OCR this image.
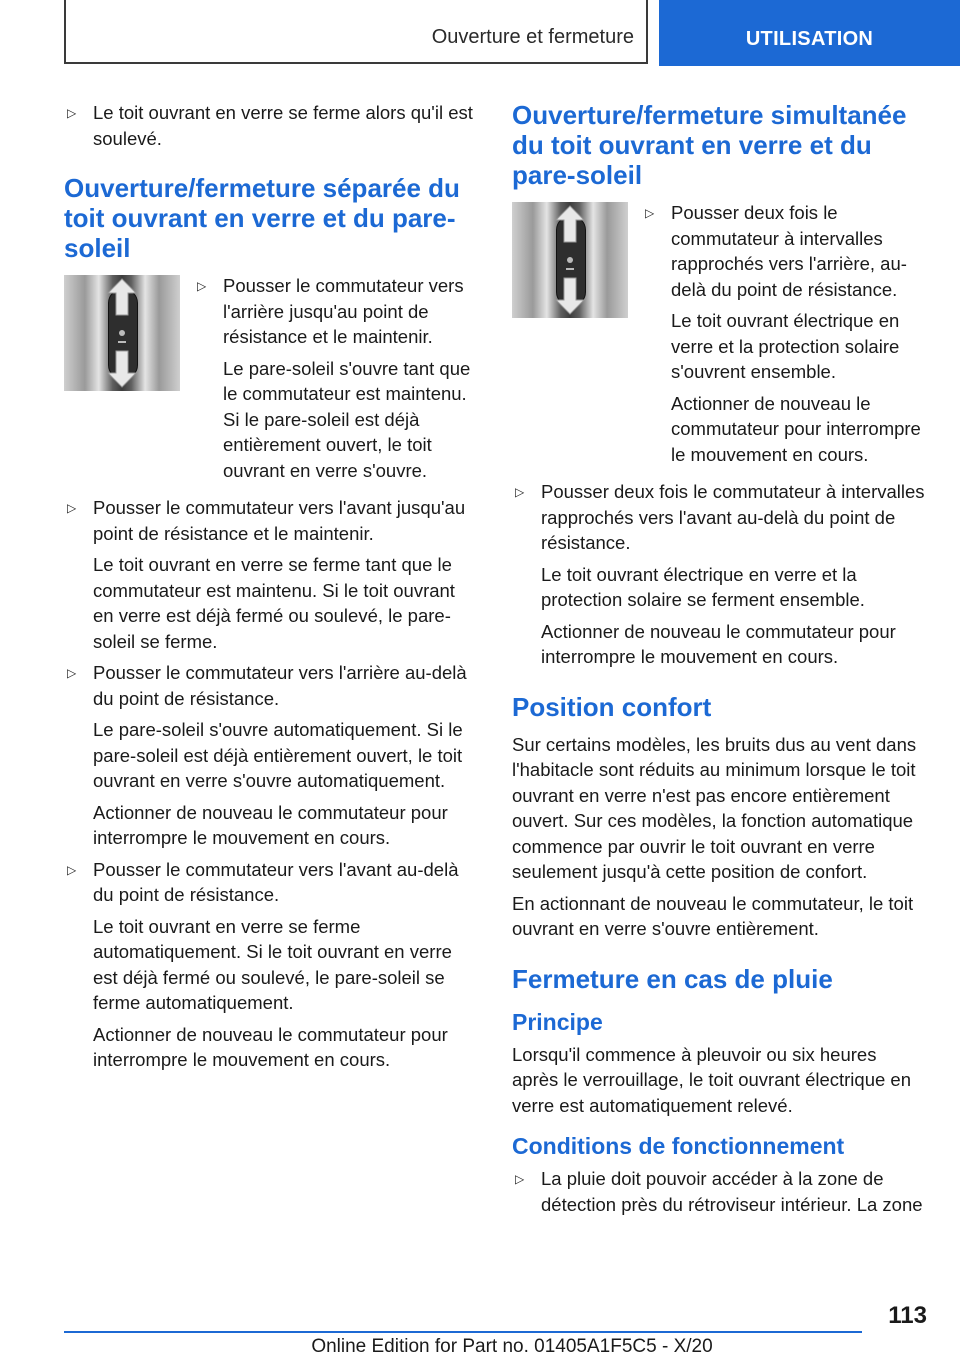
Ouverture et fermeture	UTILISATION
▷ Le toit ouvrant en verre se ferme alors qu'il est soulevé.

Ouverture/fermeture séparée du toit ouvrant en verre et du pare-soleil
▷ Pousser le commutateur vers l'arrière jusqu'au point de résistance et le maintenir.

Le pare-soleil s'ouvre tant que le commutateur est maintenu. Si le pare-soleil est déjà entièrement ouvert, le toit ouvrant en verre s'ouvre.

▷ Pousser le commutateur vers l'avant jusqu'au point de résistance et le maintenir.

Le toit ouvrant en verre se ferme tant que le commutateur est maintenu. Si le toit ouvrant en verre est déjà fermé ou soulevé, le pare-soleil se ferme.

▷ Pousser le commutateur vers l'arrière au-delà du point de résistance.

Le pare-soleil s'ouvre automatiquement. Si le pare-soleil est déjà entièrement ouvert, le toit ouvrant en verre s'ouvre automatiquement.

Actionner de nouveau le commutateur pour interrompre le mouvement en cours.

▷ Pousser le commutateur vers l'avant au-delà du point de résistance.

Le toit ouvrant en verre se ferme automatiquement. Si le toit ouvrant en verre est déjà fermé ou soulevé, le pare-soleil se ferme automatiquement.

Actionner de nouveau le commutateur pour interrompre le mouvement en cours.

Ouverture/fermeture simultanée du toit ouvrant en verre et du pare-soleil
▷ Pousser deux fois le commutateur à intervalles rapprochés vers l'arrière, au-delà du point de résistance.

Le toit ouvrant électrique en verre et la protection solaire s'ouvrent ensemble.

Actionner de nouveau le commutateur pour interrompre le mouvement en cours.

▷ Pousser deux fois le commutateur à intervalles rapprochés vers l'avant au-delà du point de résistance.

Le toit ouvrant électrique en verre et la protection solaire se ferment ensemble.

Actionner de nouveau le commutateur pour interrompre le mouvement en cours.

Position confort

Sur certains modèles, les bruits dus au vent dans l'habitacle sont réduits au minimum lorsque le toit ouvrant en verre n'est pas encore entièrement ouvert. Sur ces modèles, la fonction automatique commence par ouvrir le toit ouvrant en verre seulement jusqu'à cette position de confort.

En actionnant de nouveau le commutateur, le toit ouvrant en verre s'ouvre entièrement.

Fermeture en cas de pluie
Principe

Lorsqu'il commence à pleuvoir ou six heures après le verrouillage, le toit ouvrant électrique en verre est automatiquement relevé.

Conditions de fonctionnement
▷ La pluie doit pouvoir accéder à la zone de détection près du rétroviseur intérieur. La zone

113
Online Edition for Part no. 01405A1F5C5 - X/20
